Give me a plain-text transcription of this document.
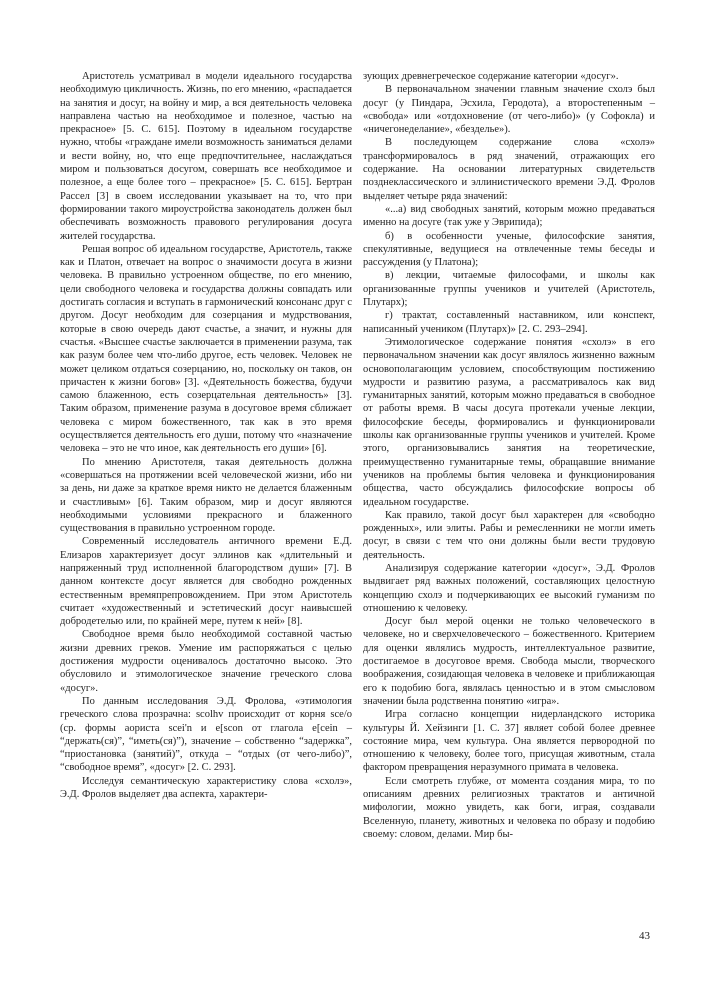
Аристотель усматривал в модели идеального государства необходимую цикличность. Жизнь, по его мнению, «распадается на занятия и досуг, на войну и мир, а вся деятельность человека направлена частью на необходимое и полезное, частью на прекрасное» [5. С. 615]. Поэтому в идеальном государстве нужно, чтобы «граждане имели возможность заниматься делами и вести войну, но, что еще предпочтительнее, наслаждаться миром и пользоваться досугом, совершать все необходимое и полезное, а еще более того – прекрасное» [5. С. 615]. Бертран Рассел [3] в своем исследовании указывает на то, что при формировании такого мироустройства законодатель должен был обеспечивать возможность правового регулирования досуга жителей государства.

Решая вопрос об идеальном государстве, Аристотель, также как и Платон, отвечает на вопрос о значимости досуга в жизни человека. В правильно устроенном обществе, по его мнению, цели свободного человека и государства должны совпадать или достигать согласия и вступать в гармонический консонанс друг с другом. Досуг необходим для созерцания и мудрствования, которые в свою очередь дают счастье, а значит, и нужны для счастья. «Высшее счастье заключается в применении разума, так как разум более чем что-либо другое, есть человек. Человек не может целиком отдаться созерцанию, но, поскольку он таков, он причастен к жизни богов» [3]. «Деятельность божества, будучи самою блаженною, есть созерцательная деятельность» [3]. Таким образом, применение разума в досуговое время сближает человека с миром божественного, так как в это время осуществляется деятельность его души, потому что «назначение человека – это не что иное, как деятельность его души» [6].

По мнению Аристотеля, такая деятельность должна «совершаться на протяжении всей человеческой жизни, ибо ни за день, ни даже за краткое время никто не делается блаженным и счастливым» [6]. Таким образом, мир и досуг являются необходимыми условиями прекрасного и блаженного существования в правильно устроенном городе.

Современный исследователь античного времени Е.Д. Елизаров характеризует досуг эллинов как «длительный и напряженный труд исполненной благородством души» [7]. В данном контексте досуг является для свободно рожденных естественным времяпрепровождением. При этом Аристотель считает «художественный и эстетический досуг наивысшей добродетелью или, по крайней мере, путем к ней» [8].

Свободное время было необходимой составной частью жизни древних греков. Умение им распоряжаться с целью достижения мудрости оценивалось достаточно высоко. Это обусловило и этимологическое значение греческого слова «досуг».

По данным исследования Э.Д. Фролова, «этимология греческого слова прозрачна: scolhv происходит от корня sce/o (ср. формы аориста scei'n и e[scon от глагола e[cein – “держать(ся)”, “иметь(ся)”), значение – собственно “задержка”, “приостановка (занятий)”, откуда – “отдых (от чего-либо)”, “свободное время”, «досуг» [2. С. 293].

Исследуя семантическую характеристику слова «схолэ», Э.Д. Фролов выделяет два аспекта, характери-

зующих древнегреческое содержание категории «досуг».

В первоначальном значении главным значение схолэ был досуг (у Пиндара, Эсхила, Геродота), а второстепенным – «свобода» или «отдохновение (от чего-либо)» (у Софокла) и «ничегонеделание», «безделье»).

В последующем содержание слова «схолэ» трансформировалось в ряд значений, отражающих его содержание. На основании литературных свидетельств позднеклассического и эллинистического времени Э.Д. Фролов выделяет четыре ряда значений:

«...а) вид свободных занятий, которым можно предаваться именно на досуге (так уже у Эврипида);

б) в особенности ученые, философские занятия, спекулятивные, ведущиеся на отвлеченные темы беседы и рассуждения (у Платона);

в) лекции, читаемые философами, и школы как организованные группы учеников и учителей (Аристотель, Плутарх);

г) трактат, составленный наставником, или конспект, написанный учеником (Плутарх)» [2. С. 293–294].

Этимологическое содержание понятия «схолэ» в его первоначальном значении как досуг являлось жизненно важным основополагающим условием, способствующим постижению мудрости и развитию разума, а рассматривалось как вид гуманитарных занятий, которым можно предаваться в свободное от работы время. В часы досуга протекали ученые лекции, философские беседы, формировались и функционировали школы как организованные группы учеников и учителей. Кроме этого, организовывались занятия на теоретические, преимущественно гуманитарные темы, обращавшие внимание учеников на проблемы бытия человека и функционирования общества, часто обсуждались философские вопросы об идеальном государстве.

Как правило, такой досуг был характерен для «свободно рожденных», или элиты. Рабы и ремесленники не могли иметь досуг, в связи с тем что они должны были вести трудовую деятельность.

Анализируя содержание категории «досуг», Э.Д. Фролов выдвигает ряд важных положений, составляющих целостную концепцию схолэ и подчеркивающих ее высокий гуманизм по отношению к человеку.

Досуг был мерой оценки не только человеческого в человеке, но и сверхчеловеческого – божественного. Критерием для оценки являлись мудрость, интеллектуальное развитие, достигаемое в досуговое время. Свобода мысли, творческого воображения, созидающая человека в человеке и приближающая его к подобию бога, являлась ценностью и в этом смысловом значении была родственна понятию «игра».

Игра согласно концепции нидерландского историка культуры Й. Хейзинги [1. С. 37] являет собой более древнее состояние мира, чем культура. Она является первородной по отношению к человеку, более того, присущая животным, стала фактором превращения неразумного примата в человека.

Если смотреть глубже, от момента создания мира, то по описаниям древних религиозных трактатов и античной мифологии, можно увидеть, как боги, играя, создавали Вселенную, планету, животных и человека по образу и подобию своему: словом, делами. Мир бы-

43
